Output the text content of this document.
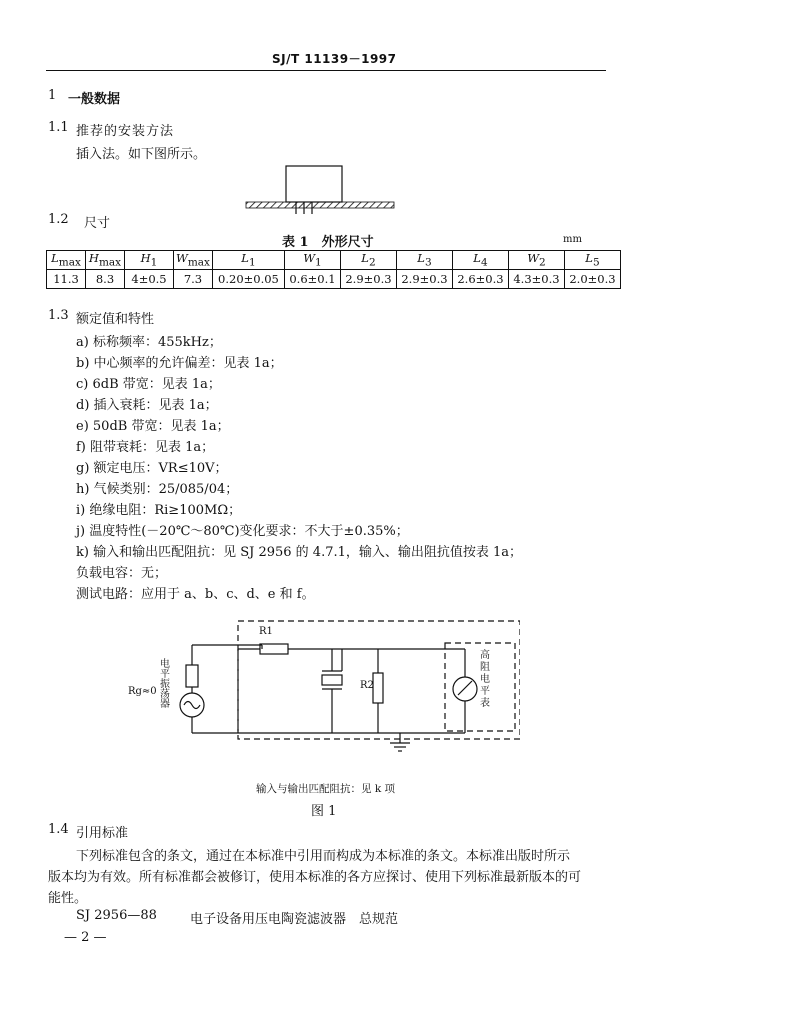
SJ/T 11139－1997
1 一般数据
1.1 推荐的安装方法
插入法。如下图所示。
1.2 尺寸
表 1　外形尺寸	mm
$L_{max}$	$H_{max}$	$H_1$	$W_{max}$	$L_1$	$W_1$	$L_2$	$L_3$	$L_4$	$W_2$	$L_5$
11.3	8.3	4±0.5	7.3	0.20±0.05	0.6±0.1	2.9±0.3	2.9±0.3	2.6±0.3	4.3±0.3	2.0±0.3
1.3 额定值和特性
a) 标称频率：455kHz；
b) 中心频率的允许偏差：见表 1a；
c) 6dB 带宽：见表 1a；
d) 插入衰耗：见表 1a；
e) 50dB 带宽：见表 1a；
f) 阻带衰耗：见表 1a；
g) 额定电压：VR≤10V；
h) 气候类别：25/085/04；
i) 绝缘电阻：Ri≥100MΩ；
j) 温度特性(－20℃～80℃)变化要求：不大于±0.35%；
k) 输入和输出匹配阻抗：见 SJ 2956 的 4.7.1，输入、输出阻抗值按表 1a；
负载电容：无；
测试电路：应用于 a、b、c、d、e 和 f。
R1
R2
Rg≈0
电平振荡器
高阻电平表
输入与输出匹配阻抗：见 k 项
图 1
1.4 引用标准
下列标准包含的条文，通过在本标准中引用而构成为本标准的条文。本标准出版时所示
版本均为有效。所有标准都会被修订，使用本标准的各方应探讨、使用下列标准最新版本的可
能性。
SJ 2956—88	电子设备用压电陶瓷滤波器　总规范
— 2 —
